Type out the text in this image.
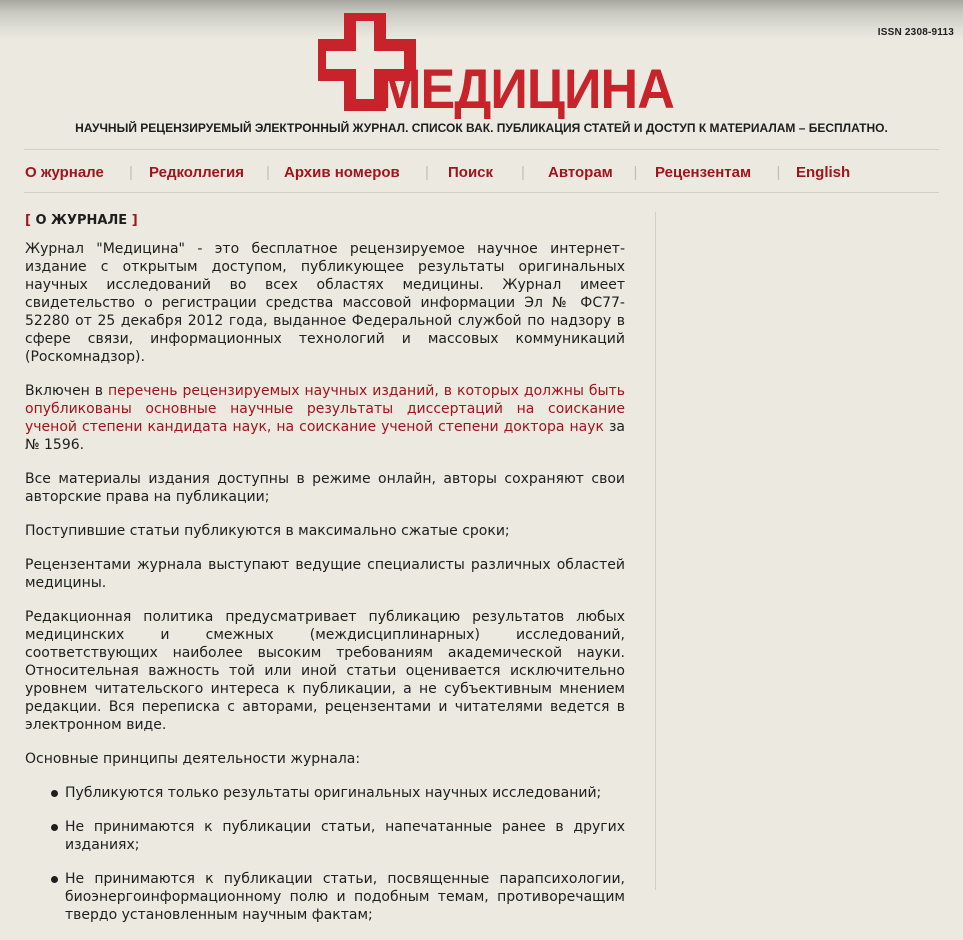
ISSN 2308-9113
МЕДИЦИНА
НАУЧНЫЙ РЕЦЕНЗИРУЕМЫЙ ЭЛЕКТРОННЫЙ ЖУРНАЛ. СПИСОК ВАК. ПУБЛИКАЦИЯ СТАТЕЙ И ДОСТУП К МАТЕРИАЛАМ – БЕСПЛАТНО.
О журнале	|	Редколлегия	| Архив номеров	|	Поиск	|	Авторам	|	Рецензентам	|	English
[ О ЖУРНАЛЕ ]

Журнал "Медицина" - это бесплатное рецензируемое научное интернет-издание с открытым доступом, публикующее результаты оригинальных научных исследований во всех областях медицины. Журнал имеет свидетельство о регистрации средства массовой информации Эл № ФС77-52280 от 25 декабря 2012 года, выданное Федеральной службой по надзору в сфере связи, информационных технологий и массовых коммуникаций (Роскомнадзор).

Включен в перечень рецензируемых научных изданий, в которых должны быть опубликованы основные научные результаты диссертаций на соискание ученой степени кандидата наук, на соискание ученой степени доктора наук за № 1596.

Все материалы издания доступны в режиме онлайн, авторы сохраняют свои авторские права на публикации;

Поступившие статьи публикуются в максимально сжатые сроки;

Рецензентами журнала выступают ведущие специалисты различных областей медицины.

Редакционная политика предусматривает публикацию результатов любых медицинских и смежных (междисциплинарных) исследований, соответствующих наиболее высоким требованиям академической науки. Относительная важность той или иной статьи оценивается исключительно уровнем читательского интереса к публикации, а не субъективным мнением редакции. Вся переписка с авторами, рецензентами и читателями ведется в электронном виде.

Основные принципы деятельности журнала:

Публикуются только результаты оригинальных научных исследований;
Не принимаются к публикации статьи, напечатанные ранее в других изданиях;
Не принимаются к публикации статьи, посвященные парапсихологии, биоэнергоинформационному полю и подобным темам, противоречащим твердо установленным научным фактам;
